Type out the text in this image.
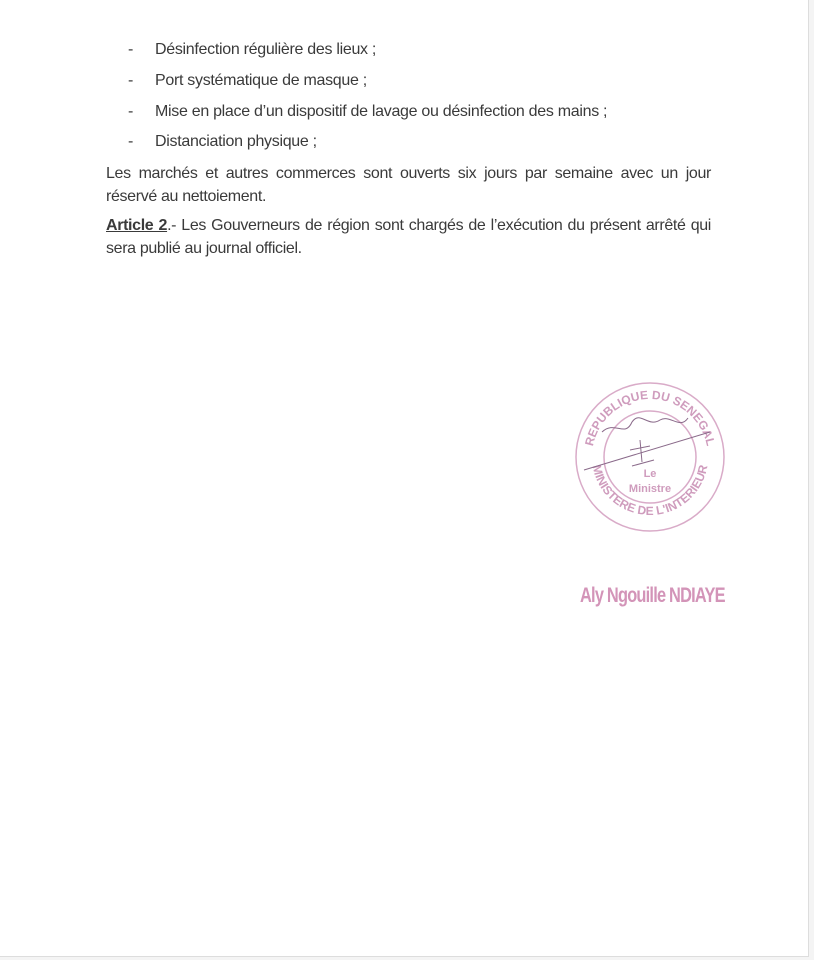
- Désinfection régulière des lieux ;
- Port systématique de masque ;
- Mise en place d’un dispositif de lavage ou désinfection des mains ;
- Distanciation physique ;
Les marchés et autres commerces sont ouverts six jours par semaine avec un jour réservé au nettoiement.
Article 2.- Les Gouverneurs de région sont chargés de l’exécution du présent arrêté qui sera publié au journal officiel.
REPUBLIQUE DU SENEGAL
MINISTERE DE L'INTERIEUR
Le
Ministre
Aly Ngouille NDIAYE
